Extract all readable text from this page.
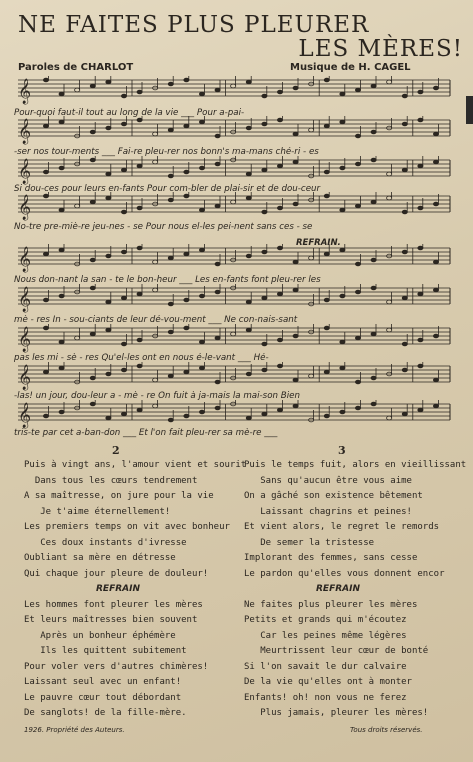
NE FAITES PLUS PLEURER
LES MÈRES!
Paroles de CHARLOT	Musique de H. CAGEL
𝄞
Pour-quoi faut-il tout au long de la vie ___ Pour a-pai-
𝄞
-ser nos tour-ments ___ Fai-re pleu-rer nos bonn's ma-mans ché-ri - es
𝄞
Si dou-ces pour leurs en-fants Pour com-bler de plai-sir et de dou-ceur
𝄞
No-tre pre-miè-re jeu-nes - se Pour nous el-les pei-nent sans ces - se
𝄞
Nous don-nant la san - te le bon-heur ___ Les en-fants font pleu-rer les
𝄞
mè - res In - sou-ciants de leur dé-vou-ment ___ Ne con-nais-sant
𝄞
pas les mi - sè - res Qu'el-les ont en nous é-le-vant ___ Hé-
𝄞
-las! un jour, dou-leur a - mè - re On fuit à ja-mais la mai-son Bien
𝄞
tris-te par cet a-ban-don ___ Et l'on fait pleu-rer sa mè-re ___
REFRAIN.
2	3
Puis à vingt ans, l'amour vient et sourit
Dans tous les cœurs tendrement
A sa maîtresse, on jure pour la vie
Je t'aime éternellement!
Les premiers temps on vit avec bonheur
Ces doux instants d'ivresse
Oubliant sa mère en détresse
Qui chaque jour pleure de douleur!
REFRAIN
Les hommes font pleurer les mères
Et leurs maîtresses bien souvent
Après un bonheur éphémère
Ils les quittent subitement
Pour voler vers d'autres chimères!
Laissant seul avec un enfant!
Le pauvre cœur tout débordant
De sanglots! de la fille-mère.
Puis le temps fuit, alors en vieillissant
Sans qu'aucun être vous aime
On a gâché son existence bêtement
Laissant chagrins et peines!
Et vient alors, le regret le remords
De semer la tristesse
Implorant des femmes, sans cesse
Le pardon qu'elles vous donnent encor
REFRAIN
Ne faites plus pleurer les mères
Petits et grands qui m'écoutez
Car les peines même légères
Meurtrissent leur cœur de bonté
Si l'on savait le dur calvaire
De la vie qu'elles ont à monter
Enfants! oh! non vous ne ferez
Plus jamais, pleurer les mères!
1926. Propriété des Auteurs.	Tous droits réservés.
